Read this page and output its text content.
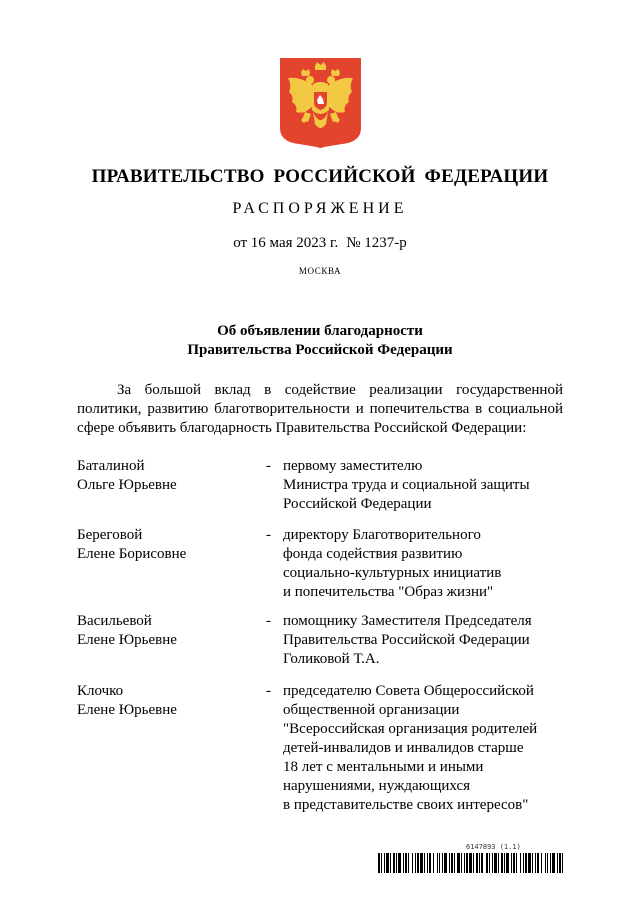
ПРАВИТЕЛЬСТВО РОССИЙСКОЙ ФЕДЕРАЦИИ
РАСПОРЯЖЕНИЕ
от 16 мая 2023 г. № 1237-р
МОСКВА
Об объявлении благодарности
Правительства Российской Федерации
За большой вклад в содействие реализации государственной политики, развитию благотворительности и попечительства в социальной сфере объявить благодарность Правительства Российской Федерации:
Баталиной
Ольге Юрьевне
- первому заместителю
Министра труда и социальной защиты
Российской Федерации
Береговой
Елене Борисовне
- директору Благотворительного
фонда содействия развитию
социально-культурных инициатив
и попечительства "Образ жизни"
Васильевой
Елене Юрьевне
- помощнику Заместителя Председателя
Правительства Российской Федерации
Голиковой Т.А.
Клочко
Елене Юрьевне
- председателю Совета Общероссийской
общественной организации
"Всероссийская организация родителей
детей-инвалидов и инвалидов старше
18 лет с ментальными и иными
нарушениями, нуждающихся
в представительстве своих интересов"
6147893 (1.1)
